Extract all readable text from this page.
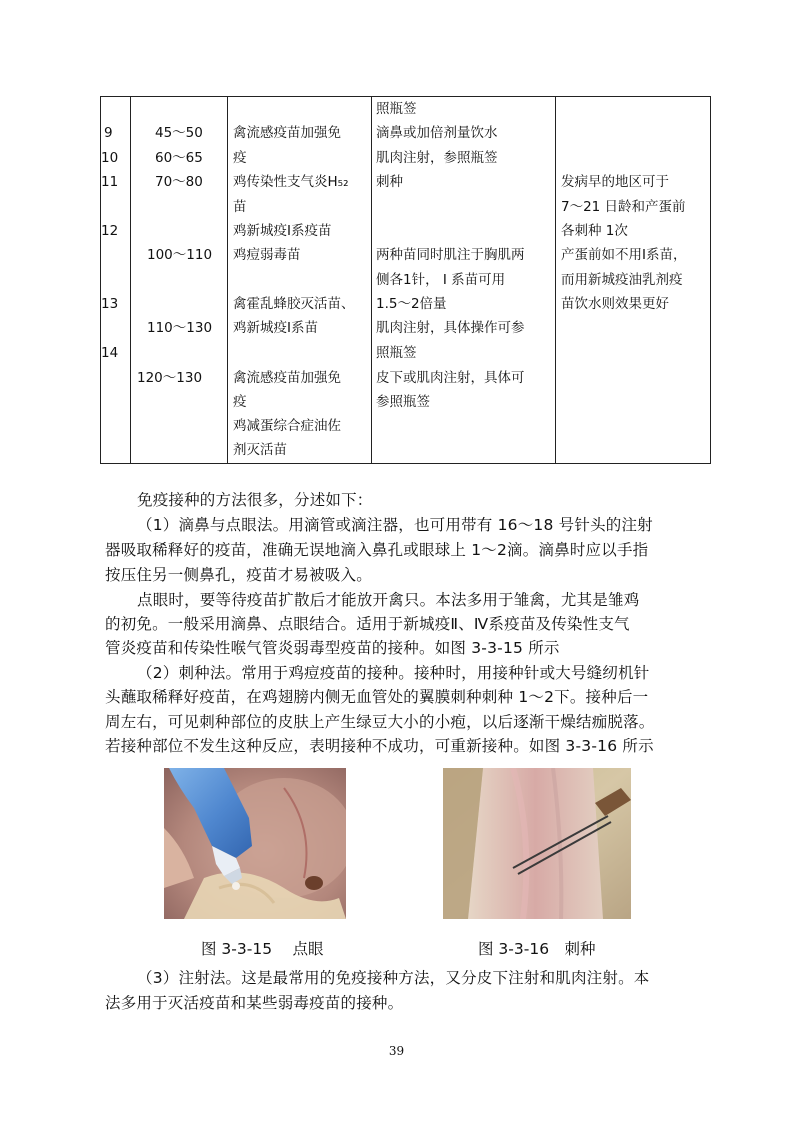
9
10
11
12
13
14
45～50
60～65
70～80
100～110
110～130
120～130
禽流感疫苗加强免
疫
鸡传染性支气炎H₅₂
苗
鸡新城疫Ⅰ系疫苗
鸡痘弱毒苗
禽霍乱蜂胶灭活苗、
鸡新城疫Ⅰ系苗
禽流感疫苗加强免
疫
鸡减蛋综合症油佐
剂灭活苗
照瓶签
滴鼻或加倍剂量饮水
肌肉注射，参照瓶签
刺种
两种苗同时肌注于胸肌两
侧各1针， Ⅰ 系苗可用
1.5～2倍量
肌肉注射，具体操作可参
照瓶签
皮下或肌肉注射，具体可
参照瓶签
发病早的地区可于
7～21 日龄和产蛋前
各刺种 1次
产蛋前如不用Ⅰ系苗，
而用新城疫油乳剂疫
苗饮水则效果更好
免疫接种的方法很多，分述如下：
（1）滴鼻与点眼法。用滴管或滴注器，也可用带有 16～18 号针头的注射
器吸取稀释好的疫苗，准确无误地滴入鼻孔或眼球上 1～2滴。滴鼻时应以手指
按压住另一侧鼻孔，疫苗才易被吸入。
点眼时，要等待疫苗扩散后才能放开禽只。本法多用于雏禽，尤其是雏鸡
的初免。一般采用滴鼻、点眼结合。适用于新城疫Ⅱ、Ⅳ系疫苗及传染性支气
管炎疫苗和传染性喉气管炎弱毒型疫苗的接种。如图 3-3-15 所示
（2）刺种法。常用于鸡痘疫苗的接种。接种时，用接种针或大号缝纫机针
头蘸取稀释好疫苗，在鸡翅膀内侧无血管处的翼膜刺种刺种 1～2下。接种后一
周左右，可见刺种部位的皮肤上产生绿豆大小的小疱，以后逐渐干燥结痂脱落。
若接种部位不发生这种反应，表明接种不成功，可重新接种。如图 3-3-16 所示
图 3-3-15　 点眼	图 3-3-16　刺种
（3）注射法。这是最常用的免疫接种方法，又分皮下注射和肌肉注射。本
法多用于灭活疫苗和某些弱毒疫苗的接种。
39
